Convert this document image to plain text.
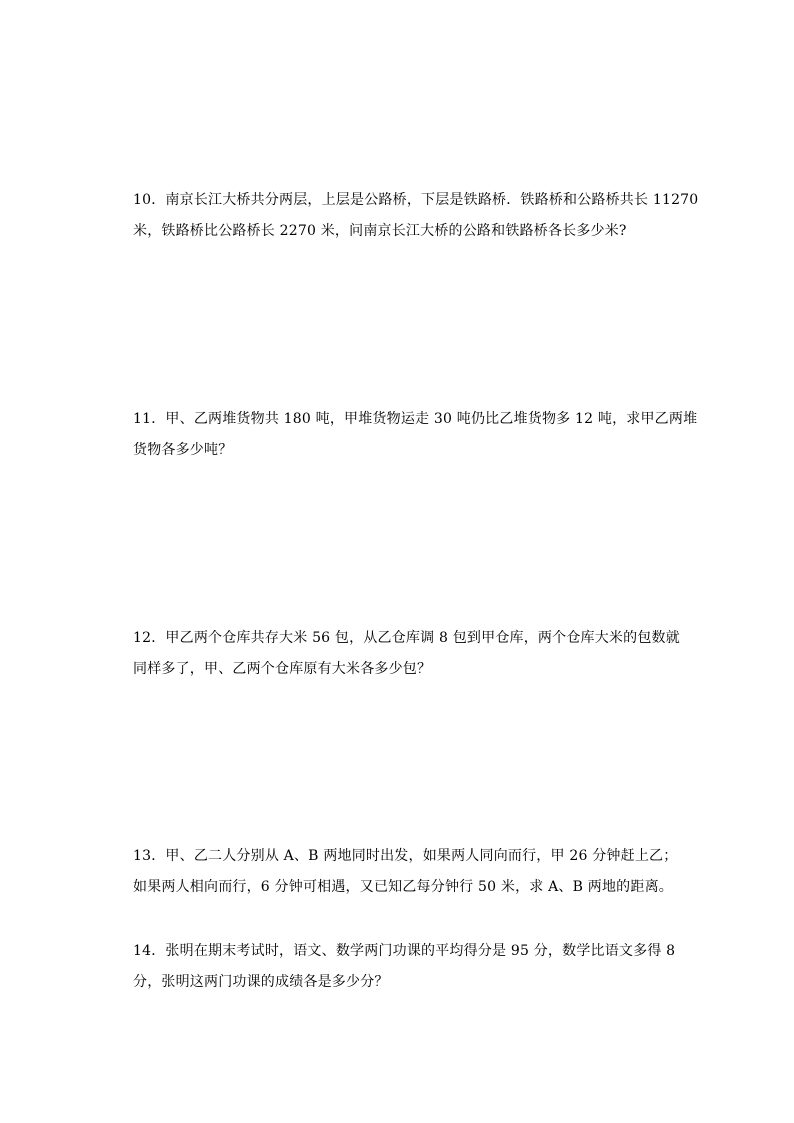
10．南京长江大桥共分两层，上层是公路桥，下层是铁路桥．铁路桥和公路桥共长 11270
米，铁路桥比公路桥长 2270 米，问南京长江大桥的公路和铁路桥各长多少米?
11．甲、乙两堆货物共 180 吨，甲堆货物运走 30 吨仍比乙堆货物多 12 吨，求甲乙两堆
货物各多少吨？
12．甲乙两个仓库共存大米 56 包，从乙仓库调 8 包到甲仓库，两个仓库大米的包数就
同样多了，甲、乙两个仓库原有大米各多少包？
13．甲、乙二人分别从 A、B 两地同时出发，如果两人同向而行，甲 26 分钟赶上乙；
如果两人相向而行，6 分钟可相遇，又已知乙每分钟行 50 米，求 A、B 两地的距离。
14．张明在期末考试时，语文、数学两门功课的平均得分是 95 分，数学比语文多得 8
分，张明这两门功课的成绩各是多少分？
